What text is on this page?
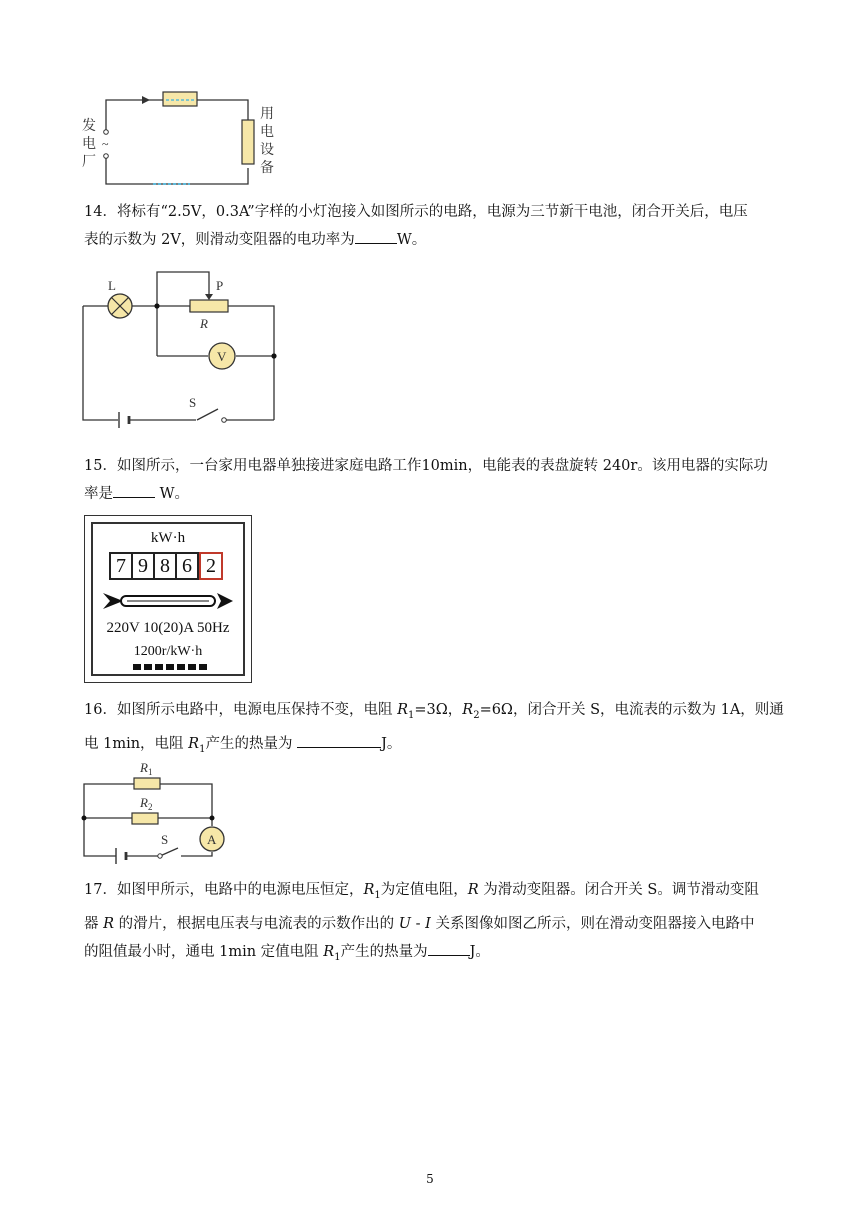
~
发
电
厂
用
电
设
备
14．将标有“2.5V，0.3A”字样的小灯泡接入如图所示的电路，电源为三节新干电池，闭合开关后，电压
表的示数为 2V，则滑动变阻器的电功率为	W。
V
L	P
R
S
15．如图所示，一台家用电器单独接进家庭电路工作10min，电能表的表盘旋转 240r。该用电器的实际功
率是	W。
kW·h
7 9 8 6 2
220V 10(20)A 50Hz
1200r/kW·h
16．如图所示电路中，电源电压保持不变，电阻 $R_1=3\Omega$，$R_2=6\Omega$，闭合开关 S，电流表的示数为 1A，则通
电 1min，电阻 $R_1$产生的热量为	J。
A
$R_1$
$R_2$
S
17．如图甲所示，电路中的电源电压恒定，$R_1$为定值电阻，R 为滑动变阻器。闭合开关 S。调节滑动变阻
器 R 的滑片，根据电压表与电流表的示数作出的 U - I 关系图像如图乙所示，则在滑动变阻器接入电路中
的阻值最小时，通电 1min 定值电阻 $R_1$产生的热量为	J。
5
